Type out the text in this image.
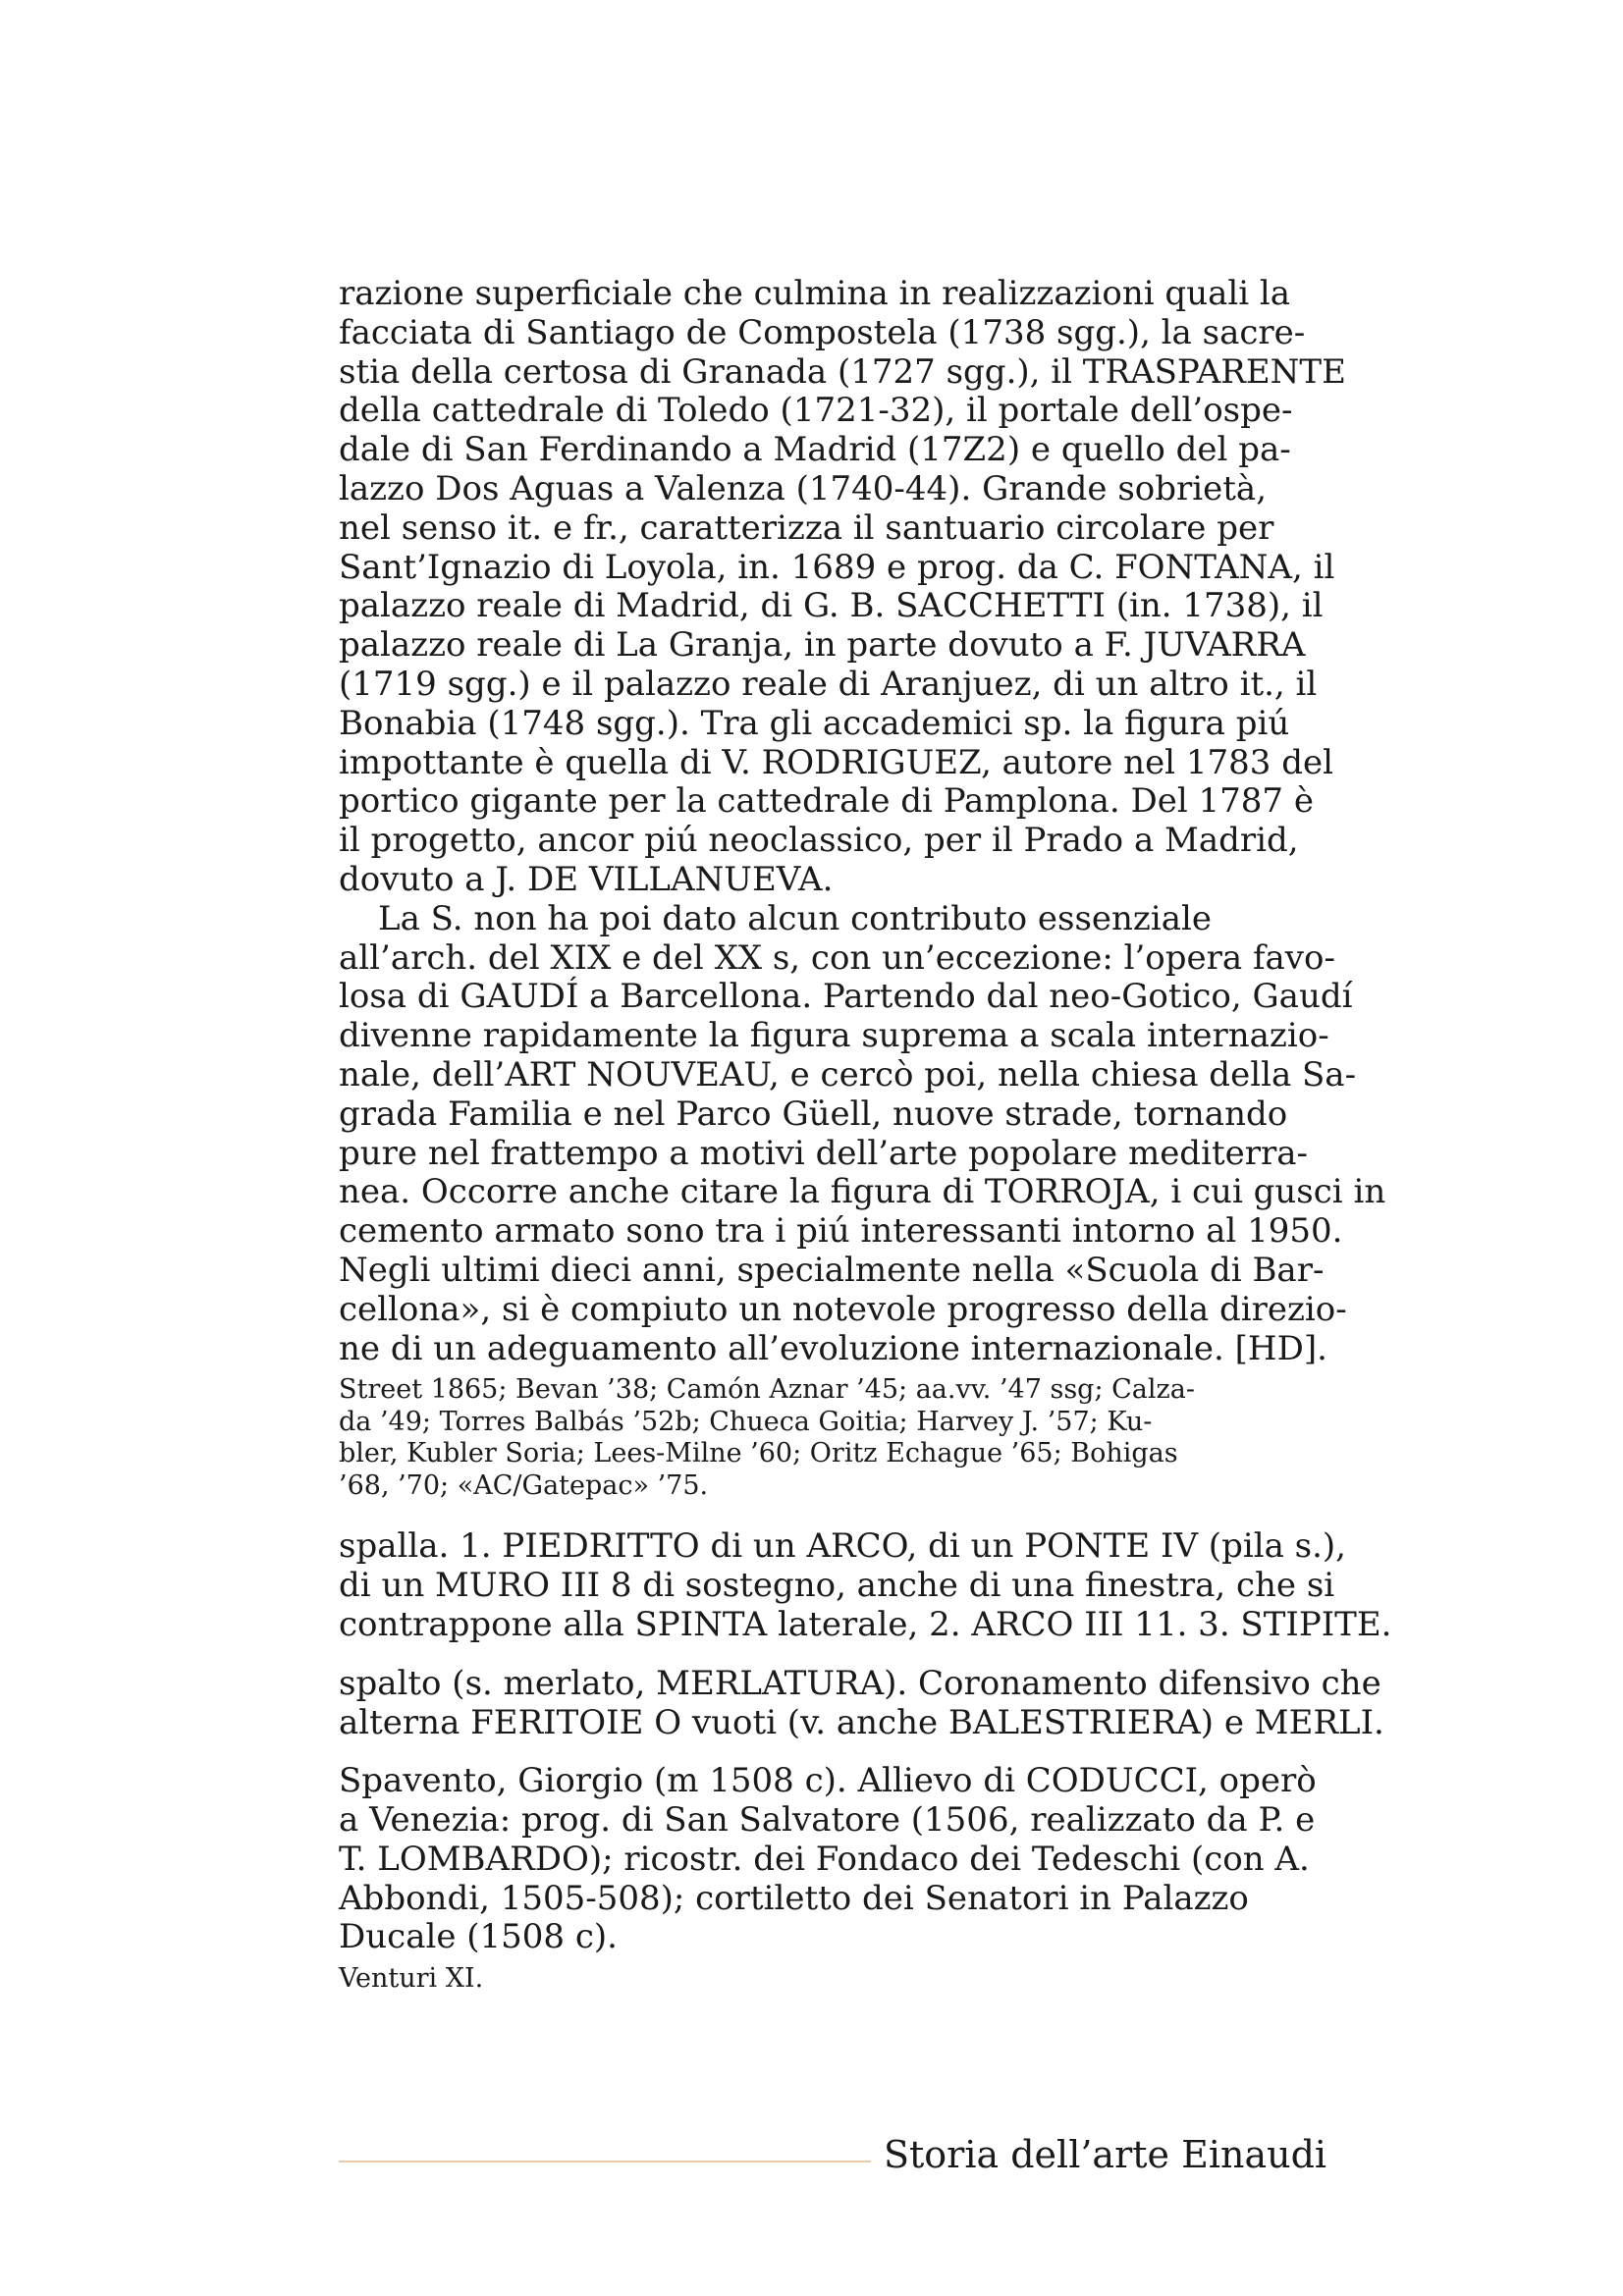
razione superficiale che culmina in realizzazioni quali la
facciata di Santiago de Compostela (1738 sgg.), la sacre-
stia della certosa di Granada (1727 sgg.), il TRASPARENTE
della cattedrale di Toledo (1721-32), il portale dell’ospe-
dale di San Ferdinando a Madrid (17Z2) e quello del pa-
lazzo Dos Aguas a Valenza (1740-44). Grande sobrietà,
nel senso it. e fr., caratterizza il santuario circolare per
Sant’Ignazio di Loyola, in. 1689 e prog. da C. FONTANA, il
palazzo reale di Madrid, di G. B. SACCHETTI (in. 1738), il
palazzo reale di La Granja, in parte dovuto a F. JUVARRA
(1719 sgg.) e il palazzo reale di Aranjuez, di un altro it., il
Bonabia (1748 sgg.). Tra gli accademici sp. la figura piú
impottante è quella di V. RODRIGUEZ, autore nel 1783 del
portico gigante per la cattedrale di Pamplona. Del 1787 è
il progetto, ancor piú neoclassico, per il Prado a Madrid,
dovuto a J. DE VILLANUEVA.
La S. non ha poi dato alcun contributo essenziale
all’arch. del XIX e del XX s, con un’eccezione: l’opera favo-
losa di GAUDÍ a Barcellona. Partendo dal neo-Gotico, Gaudí
divenne rapidamente la figura suprema a scala internazio-
nale, dell’ART NOUVEAU, e cercò poi, nella chiesa della Sa-
grada Familia e nel Parco Güell, nuove strade, tornando
pure nel frattempo a motivi dell’arte popolare mediterra-
nea. Occorre anche citare la figura di TORROJA, i cui gusci in
cemento armato sono tra i piú interessanti intorno al 1950.
Negli ultimi dieci anni, specialmente nella «Scuola di Bar-
cellona», si è compiuto un notevole progresso della direzio-
ne di un adeguamento all’evoluzione internazionale. [HD].
Street 1865; Bevan ’38; Camón Aznar ’45; aa.vv. ’47 ssg; Calza-
da ’49; Torres Balbás ’52b; Chueca Goitia; Harvey J. ’57; Ku-
bler, Kubler Soria; Lees-Milne ’60; Oritz Echague ’65; Bohigas
’68, ’70; «AC/Gatepac» ’75.
spalla. 1. PIEDRITTO di un ARCO, di un PONTE IV (pila s.),
di un MURO III 8 di sostegno, anche di una finestra, che si
contrappone alla SPINTA laterale, 2. ARCO III 11. 3. STIPITE.
spalto (s. merlato, MERLATURA). Coronamento difensivo che
alterna FERITOIE O vuoti (v. anche BALESTRIERA) e MERLI.
Spavento, Giorgio (m 1508 c). Allievo di CODUCCI, operò
a Venezia: prog. di San Salvatore (1506, realizzato da P. e
T. LOMBARDO); ricostr. dei Fondaco dei Tedeschi (con A.
Abbondi, 1505-508); cortiletto dei Senatori in Palazzo
Ducale (1508 c).
Venturi XI.
Storia dell’arte Einaudi
